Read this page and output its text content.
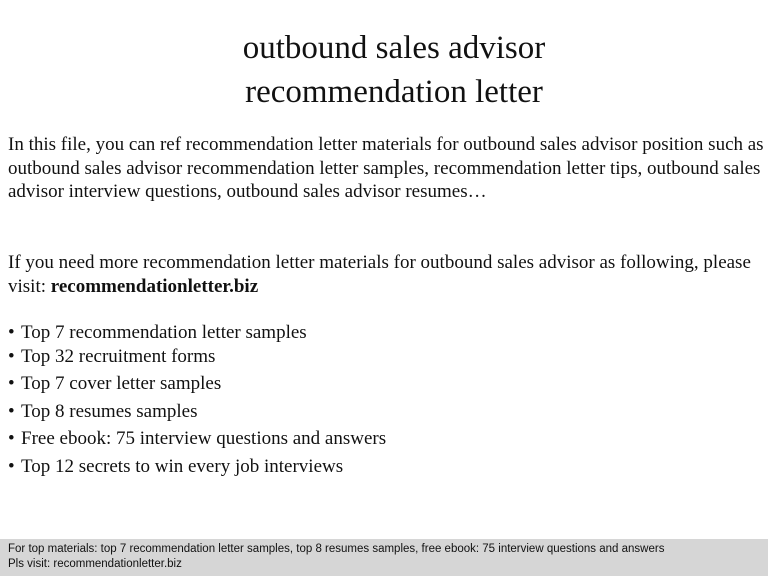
outbound sales advisor
recommendation letter

In this file, you can ref recommendation letter materials for outbound sales advisor position such as outbound sales advisor recommendation letter samples, recommendation letter tips, outbound sales advisor interview questions, outbound sales advisor resumes…

If you need more recommendation letter materials for outbound sales advisor as following, please visit: recommendationletter.biz

• Top 7 recommendation letter samples
• Top 32 recruitment forms
• Top 7 cover letter samples
• Top 8 resumes samples
• Free ebook: 75 interview questions and answers
• Top 12 secrets to win every job interviews
For top materials: top 7 recommendation letter samples, top 8 resumes samples, free ebook: 75 interview questions and answers
Pls visit: recommendationletter.biz
